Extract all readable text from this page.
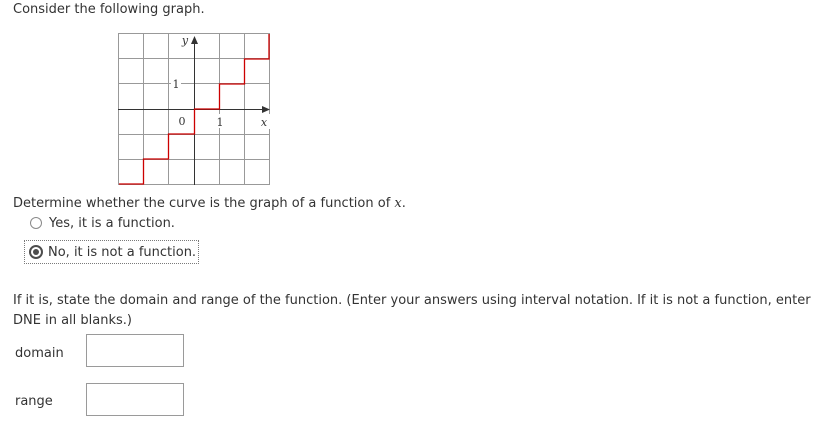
Consider the following graph.
y
x
1
0	1
Determine whether the curve is the graph of a function of x.
Yes, it is a function.
No, it is not a function.
If it is, state the domain and range of the function. (Enter your answers using interval notation. If it is not a function, enter DNE in all blanks.)
domain
range
